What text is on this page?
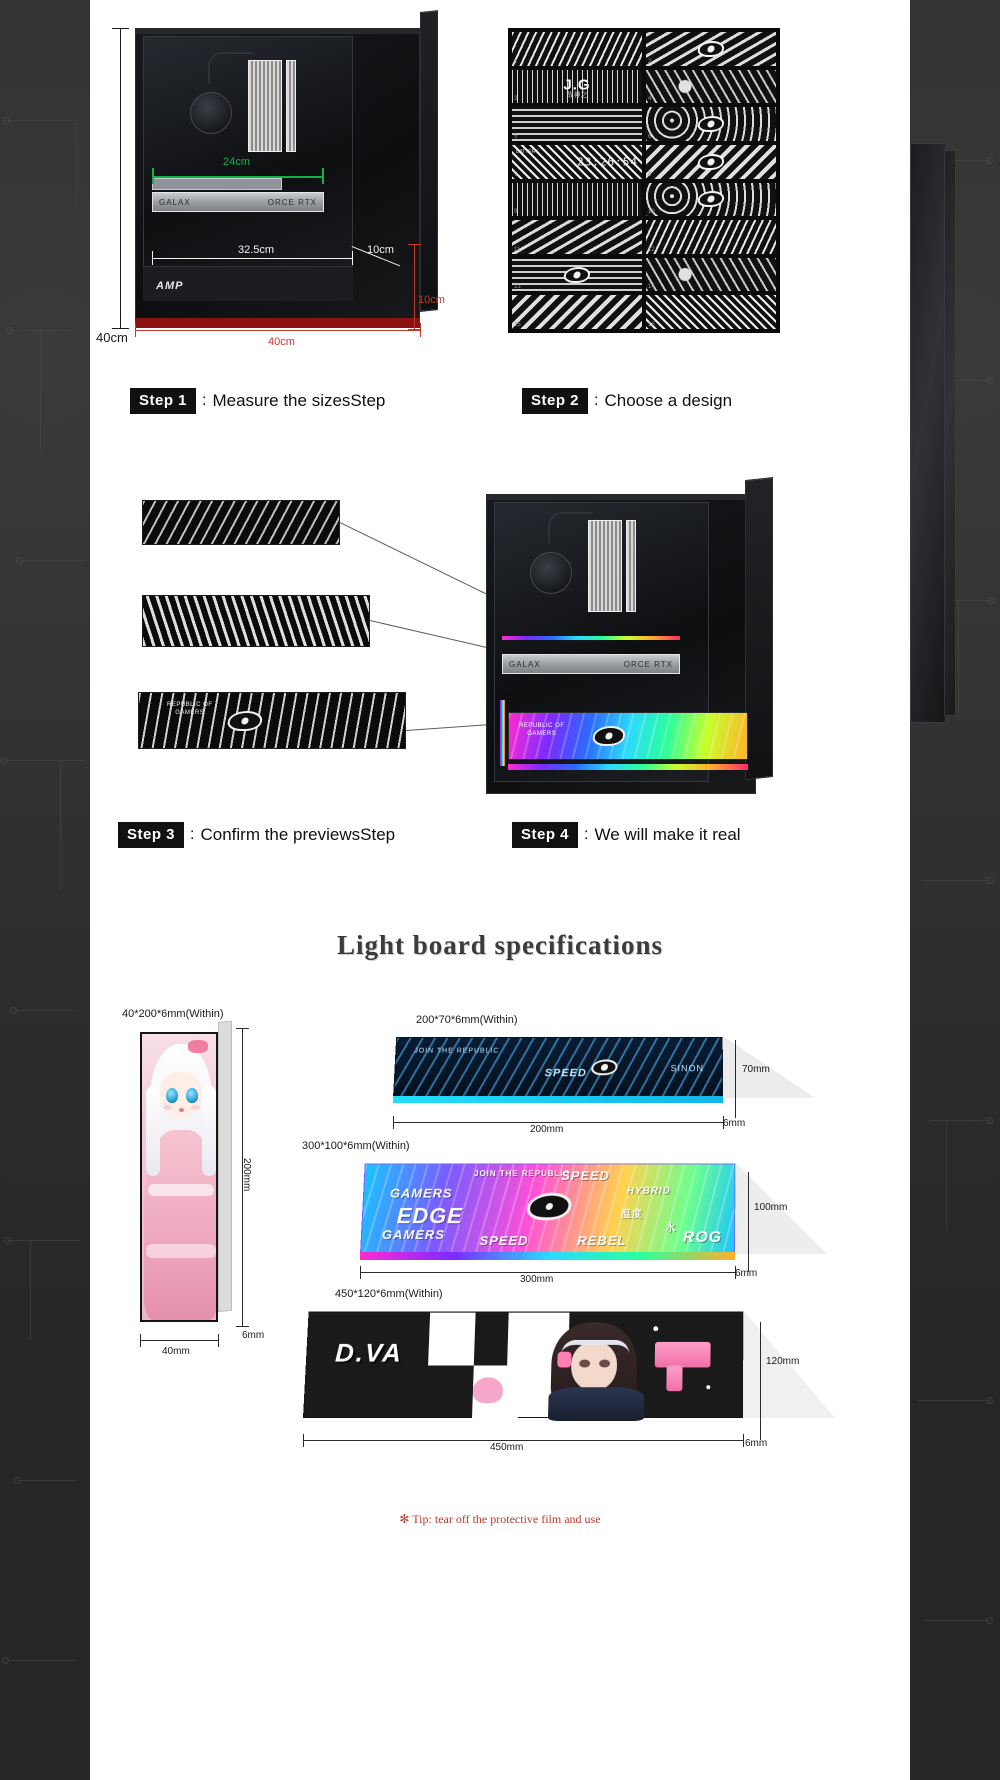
40cm
GALAX	ORCE RTX
24cm
32.5cm	10cm
AMP
40cm
10cm
1	2
J.G
战神之
3	4
5	6
BATTERY
23:26:54
7	8
9	10
11	12
13	14
15	16
Step 1 : Measure the sizesStep	Step 2 : Choose a design
REPUBLIC OF
GAMERS
GALAX	ORCE RTX
REPUBLIC OF
GAMERS
Step 3 : Confirm the previewsStep	Step 4 : We will make it real
Light board specifications
40*200*6mm(Within)
200mm
40mm
6mm
200*70*6mm(Within)
JOIN THE REPUBLIC
SPEED	SINON
200mm
70mm
6mm
300*100*6mm(Within)
JOIN THE REPUBLIC
SPEED
GAMERS
EDGE
GAMERS	SPEED	REBEL
HYBRID
ROG
温度
水
300mm
100mm
6mm
450*120*6mm(Within)
D.VA
450mm
120mm
6mm
✻ Tip: tear off the protective film and use
